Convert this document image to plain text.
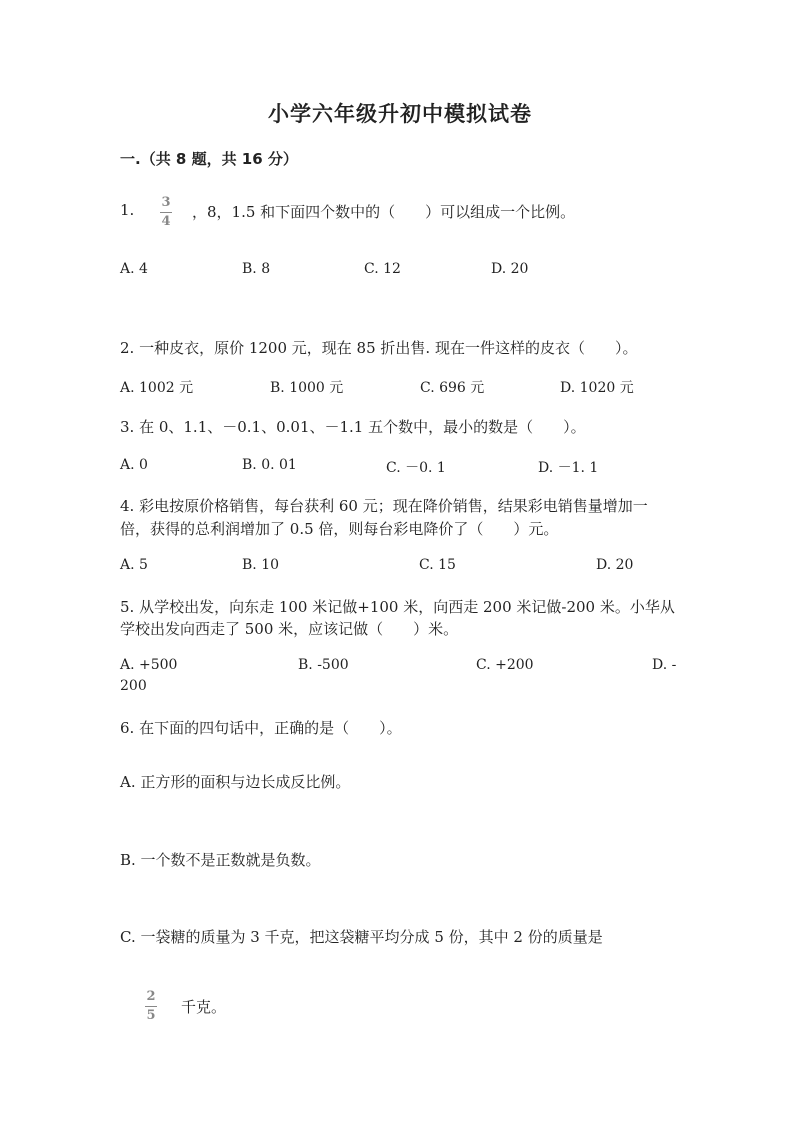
小学六年级升初中模拟试卷
一.（共 8 题，共 16 分）
1. 3
4
，8，1.5 和下面四个数中的（　　）可以组成一个比例。
A. 4	B. 8	C. 12	D. 20
2. 一种皮衣，原价 1200 元，现在 85 折出售. 现在一件这样的皮衣（　　）。
A. 1002 元	B. 1000 元	C. 696 元	D. 1020 元
3. 在 0、1.1、－0.1、0.01、－1.1 五个数中，最小的数是（　　）。
A. 0	B. 0. 01	C. －0. 1	D. －1. 1
4. 彩电按原价格销售，每台获利 60 元；现在降价销售，结果彩电销售量增加一
倍，获得的总利润增加了 0.5 倍，则每台彩电降价了（　　）元。
A. 5	B. 10	C. 15	D. 20
5. 从学校出发，向东走 100 米记做+100 米，向西走 200 米记做-200 米。小华从
学校出发向西走了 500 米，应该记做（　　）米。
A. +500	B. -500	C. +200	D. -
200
6. 在下面的四句话中，正确的是（　　）。
A. 正方形的面积与边长成反比例。
B. 一个数不是正数就是负数。
C. 一袋糖的质量为 3 千克，把这袋糖平均分成 5 份，其中 2 份的质量是
2
5 千克。
